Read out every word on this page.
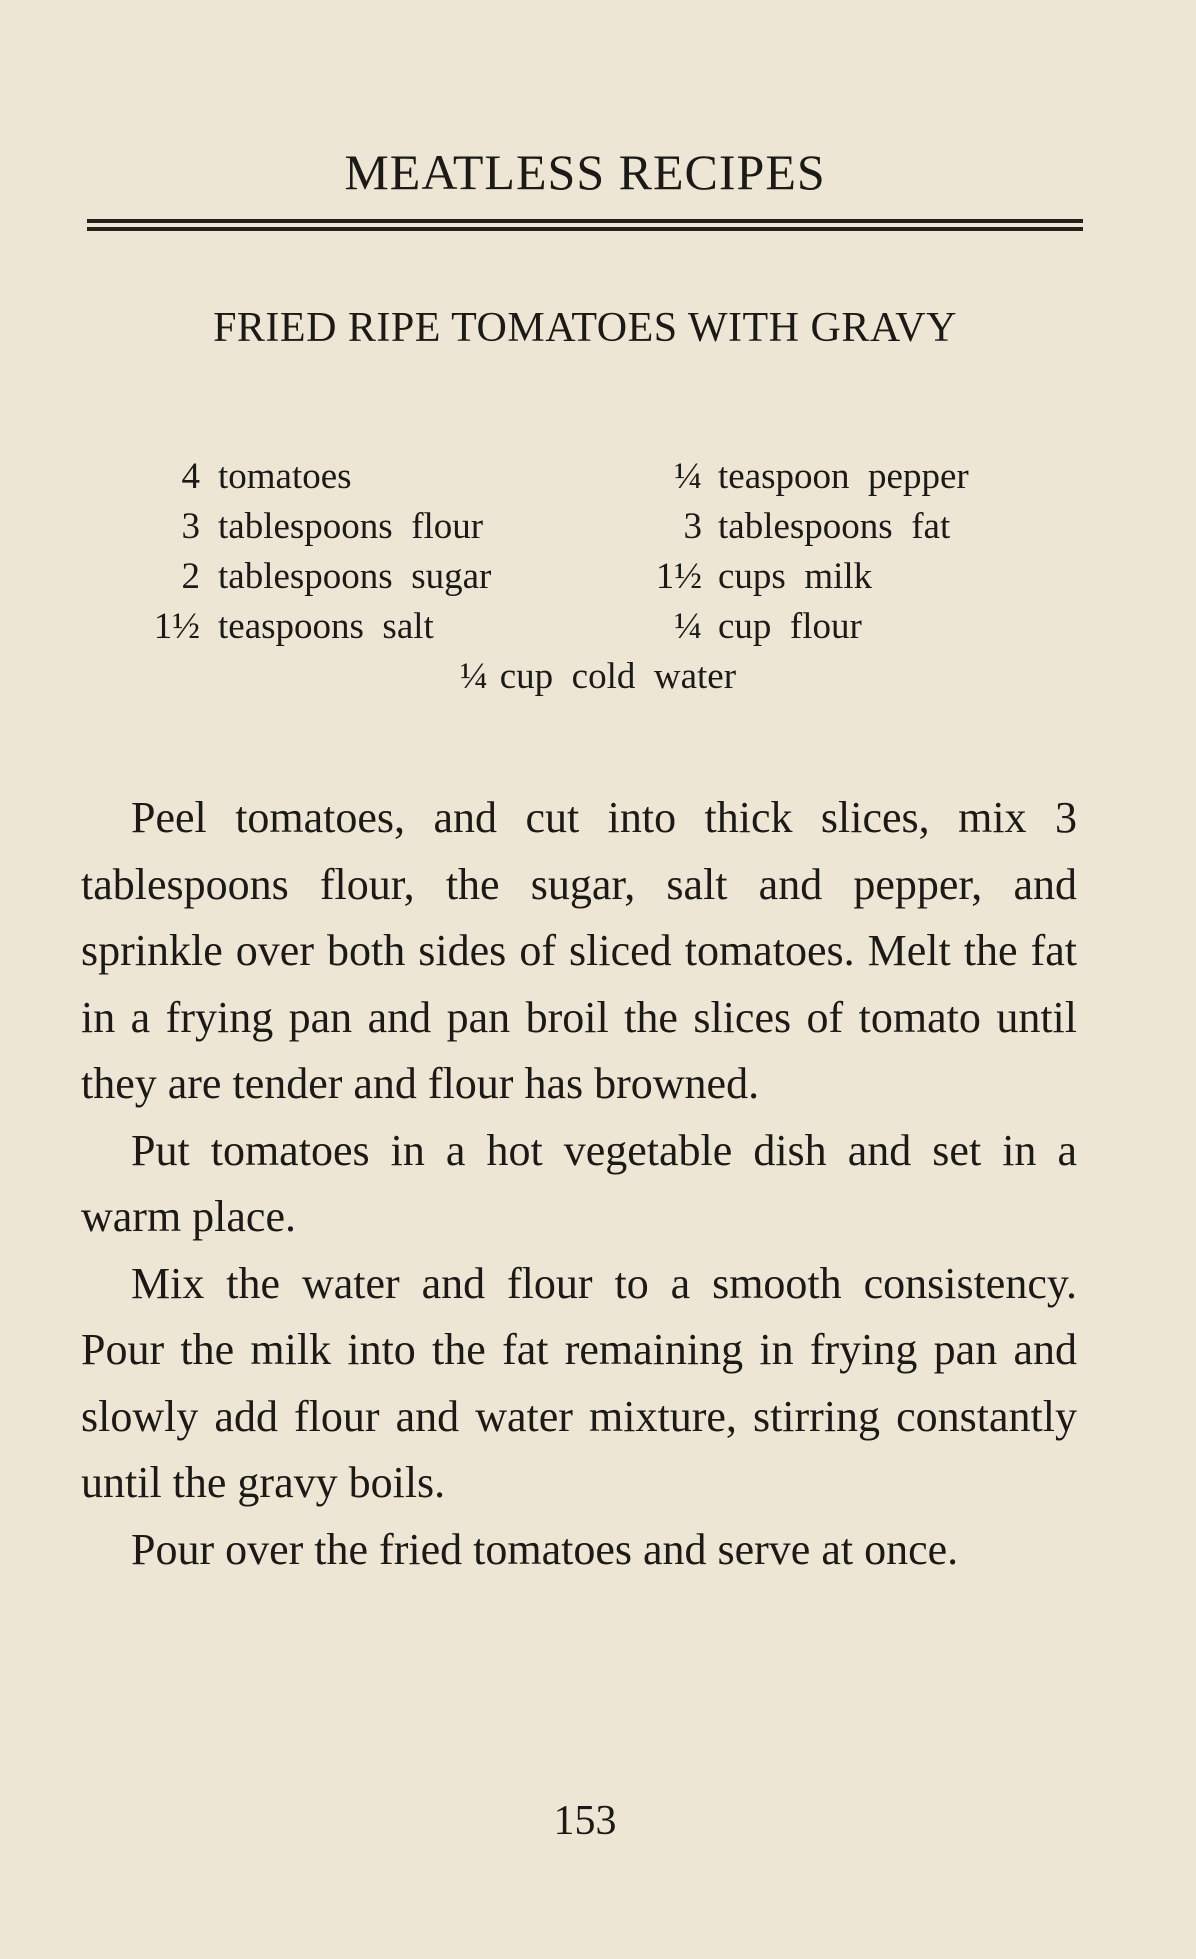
MEATLESS RECIPES
FRIED RIPE TOMATOES WITH GRAVY
4 tomatoes	¼ teaspoon  pepper
3 tablespoons  flour	3 tablespoons  fat
2 tablespoons  sugar	1½ cups  milk
1½ teaspoons  salt	¼ cup  flour
¼ cup  cold  water

Peel tomatoes, and cut into thick slices, mix 3 tablespoons flour, the sugar, salt and pepper, and sprinkle over both sides of sliced tomatoes. Melt the fat in a frying pan and pan broil the slices of tomato until they are tender and flour has browned.

Put tomatoes in a hot vegetable dish and set in a warm place.

Mix the water and flour to a smooth consistency. Pour the milk into the fat remaining in frying pan and slowly add flour and water mixture, stirring constantly until the gravy boils.

Pour over the fried tomatoes and serve at once.

153
